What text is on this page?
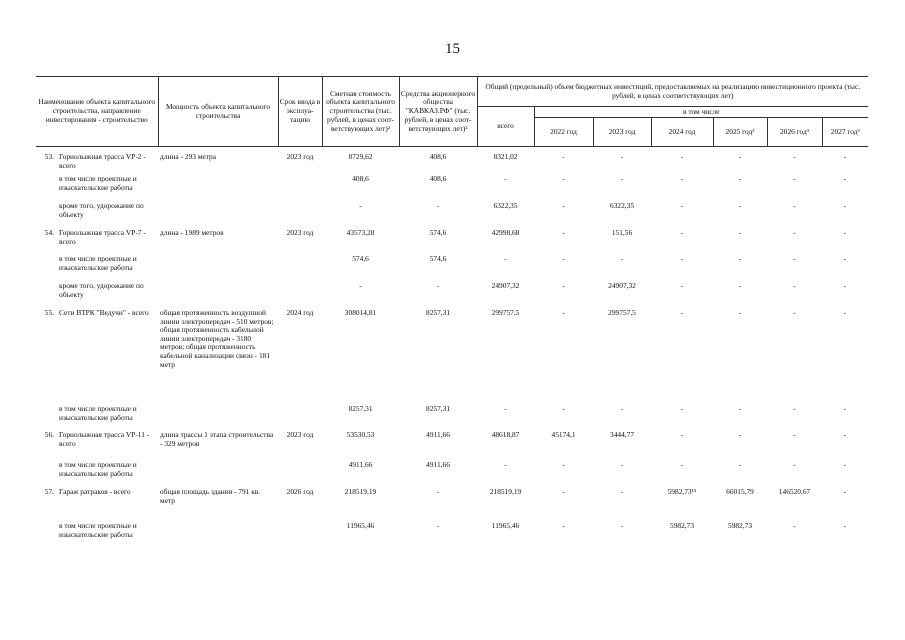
15
Наименование объекта капитального строительства, направление инвестирования - строительство		Мощность объекта капитального строительства	Срок ввода в эксплуа-тацию	Сметная стоимость объекта капитального строительства (тыс. рублей, в ценах соот-ветствующих лет)²	Средства акционерного общества "КАВКАЗ.РФ" (тыс. рублей, в ценах соот-ветствующих лет)²	Общий (предельный) объем бюджетных инвестиций, предоставляемых на реализацию инвестиционного проекта (тыс. рублей, в ценах соответствующих лет)						
						всего	в том числе					
							2022 год	2023 год	2024 год	2025 год³	2026 год³	2027 год³

53.	Горнолыжная трасса VP-2 - всего	длина - 293 метра	2023 год	8729,62	408,6	8321,02	-	-	-	-	-	-
	в том числе проектные и изыскательские работы			408,6	408,6	-	-	-	-	-	-	-
	кроме того, удорожание по объекту			-	-	6322,35	-	6322,35	-	-	-	-
54.	Горнолыжная трасса VP-7 - всего	длина - 1989 метров	2023 год	43573,28	574,6	42998,68	-	151,56	-	-	-	-
	в том числе проектные и изыскательские работы			574,6	574,6	-	-	-	-	-	-	-
	кроме того, удорожание по объекту			-	-	24907,32	-	24907,32	-	-	-	-
55.	Сети ВТРК "Ведучи" - всего	общая протяженность воздушной линии электропередач - 510 метров; общая протяженность кабельной линии электропередач - 3180 метров; общая протяженность кабельной канализации связи - 181 метр	2024 год	308014,81	8257,31	299757,5	-	299757,5	-	-	-	-
	в том числе проектные и изыскательские работы			8257,31	8257,31	-	-	-	-	-	-	-
56.	Горнолыжная трасса VP-11 - всего	длина трассы 1 этапа строительства - 329 метров	2023 год	53530,53	4911,66	48618,87	45174,1	3444,77	-	-	-	-
	в том числе проектные и изыскательские работы			4911,66	4911,66	-	-	-	-	-	-	-
57.	Гараж ратраков - всего	общая площадь здания - 791 кв. метр	2026 год	218519,19	-	218519,19	-	-	5982,73¹⁵	66015,79	146520,67	-
	в том числе проектные и изыскательские работы			11965,46	-	11965,46	-	-	5982,73	5982,73	-	-
